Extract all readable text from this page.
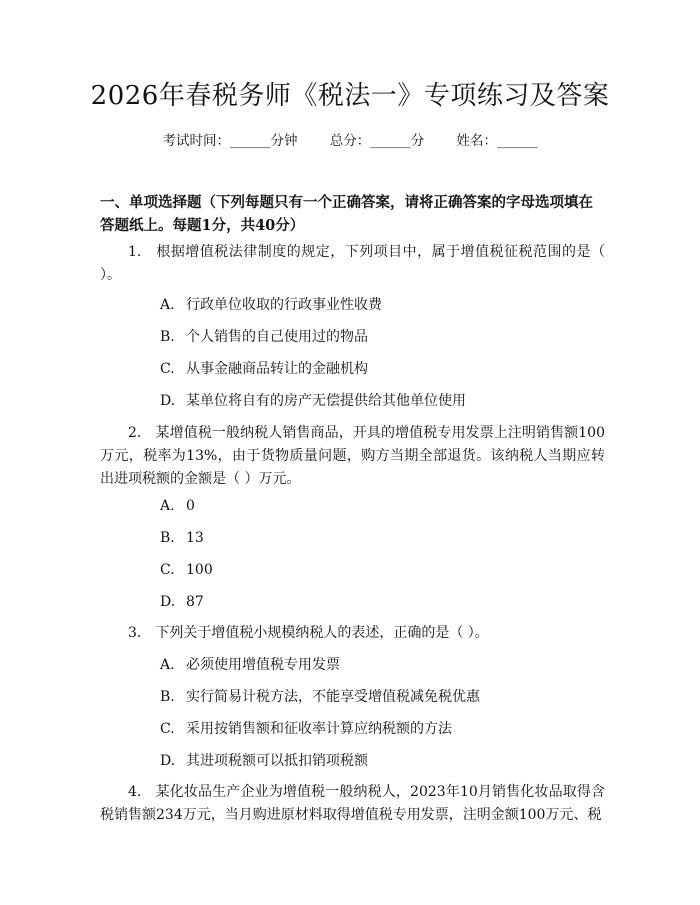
2026年春税务师《税法一》专项练习及答案
考试时间：______分钟 总分：______分 姓名：______
一、单项选择题（下列每题只有一个正确答案，请将正确答案的字母选项填在答题纸上。每题1分，共40分）
1.　根据增值税法律制度的规定，下列项目中，属于增值税征税范围的是（ ）。
A. 行政单位收取的行政事业性收费
B. 个人销售的自己使用过的物品
C. 从事金融商品转让的金融机构
D. 某单位将自有的房产无偿提供给其他单位使用
2.　某增值税一般纳税人销售商品，开具的增值税专用发票上注明销售额100万元，税率为13%，由于货物质量问题，购方当期全部退货。该纳税人当期应转出进项税额的金额是（ ）万元。
A. 0
B. 13
C. 100
D. 87
3.　下列关于增值税小规模纳税人的表述，正确的是（ ）。
A. 必须使用增值税专用发票
B. 实行简易计税方法，不能享受增值税减免税优惠
C. 采用按销售额和征收率计算应纳税额的方法
D. 其进项税额可以抵扣销项税额
4.　某化妆品生产企业为增值税一般纳税人，2023年10月销售化妆品取得含税销售额234万元，当月购进原材料取得增值税专用发票，注明金额100万元、税
